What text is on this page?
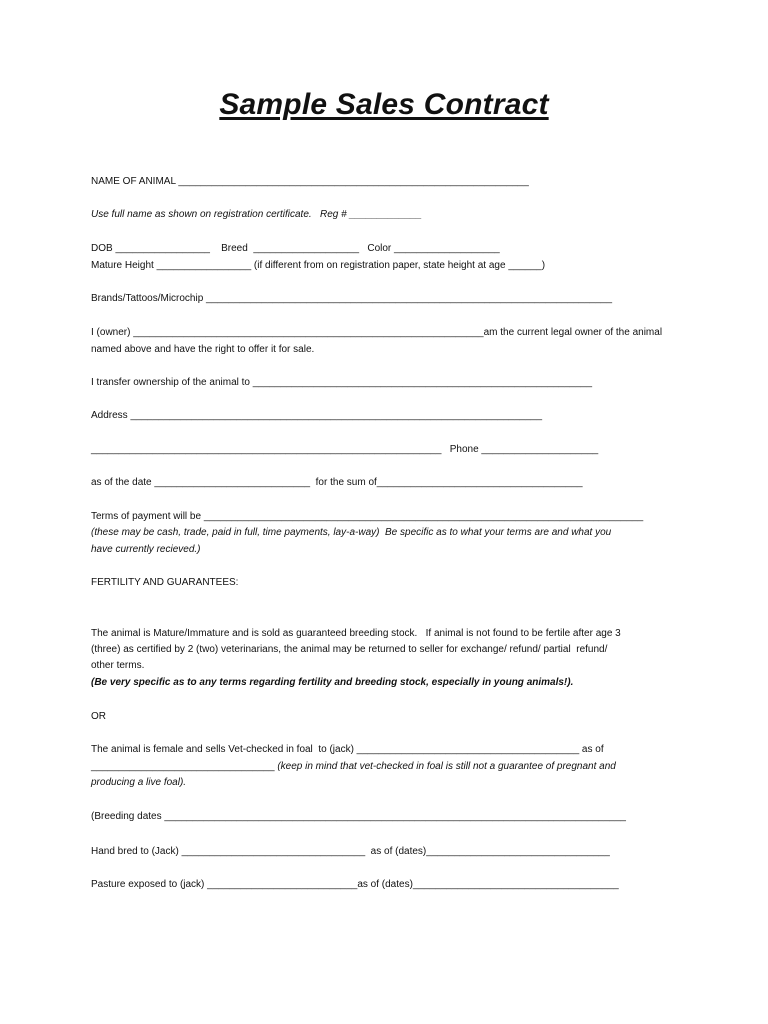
Sample Sales Contract
NAME OF ANIMAL _______________________________________________________________
Use full name as shown on registration certificate.   Reg # _____________
DOB _________________    Breed  ___________________   Color ___________________
Mature Height _________________ (if different from on registration paper, state height at age ______)
Brands/Tattoos/Microchip _________________________________________________________________________
I (owner) _______________________________________________________________am the current legal owner of the animal
named above and have the right to offer it for sale.
I transfer ownership of the animal to _____________________________________________________________
Address __________________________________________________________________________
_______________________________________________________________   Phone _____________________
as of the date ____________________________  for the sum of_____________________________________
Terms of payment will be _______________________________________________________________________________
(these may be cash, trade, paid in full, time payments, lay-a-way)  Be specific as to what your terms are and what you
have currently recieved.)
FERTILITY AND GUARANTEES:
The animal is Mature/Immature and is sold as guaranteed breeding stock.   If animal is not found to be fertile after age 3
(three) as certified by 2 (two) veterinarians, the animal may be returned to seller for exchange/ refund/ partial  refund/
other terms.
(Be very specific as to any terms regarding fertility and breeding stock, especially in young animals!).
OR
The animal is female and sells Vet-checked in foal  to (jack) ________________________________________ as of
_________________________________ (keep in mind that vet-checked in foal is still not a guarantee of pregnant and
producing a live foal).
(Breeding dates ___________________________________________________________________________________
Hand bred to (Jack) _________________________________  as of (dates)_________________________________
Pasture exposed to (jack) ___________________________as of (dates)_____________________________________
